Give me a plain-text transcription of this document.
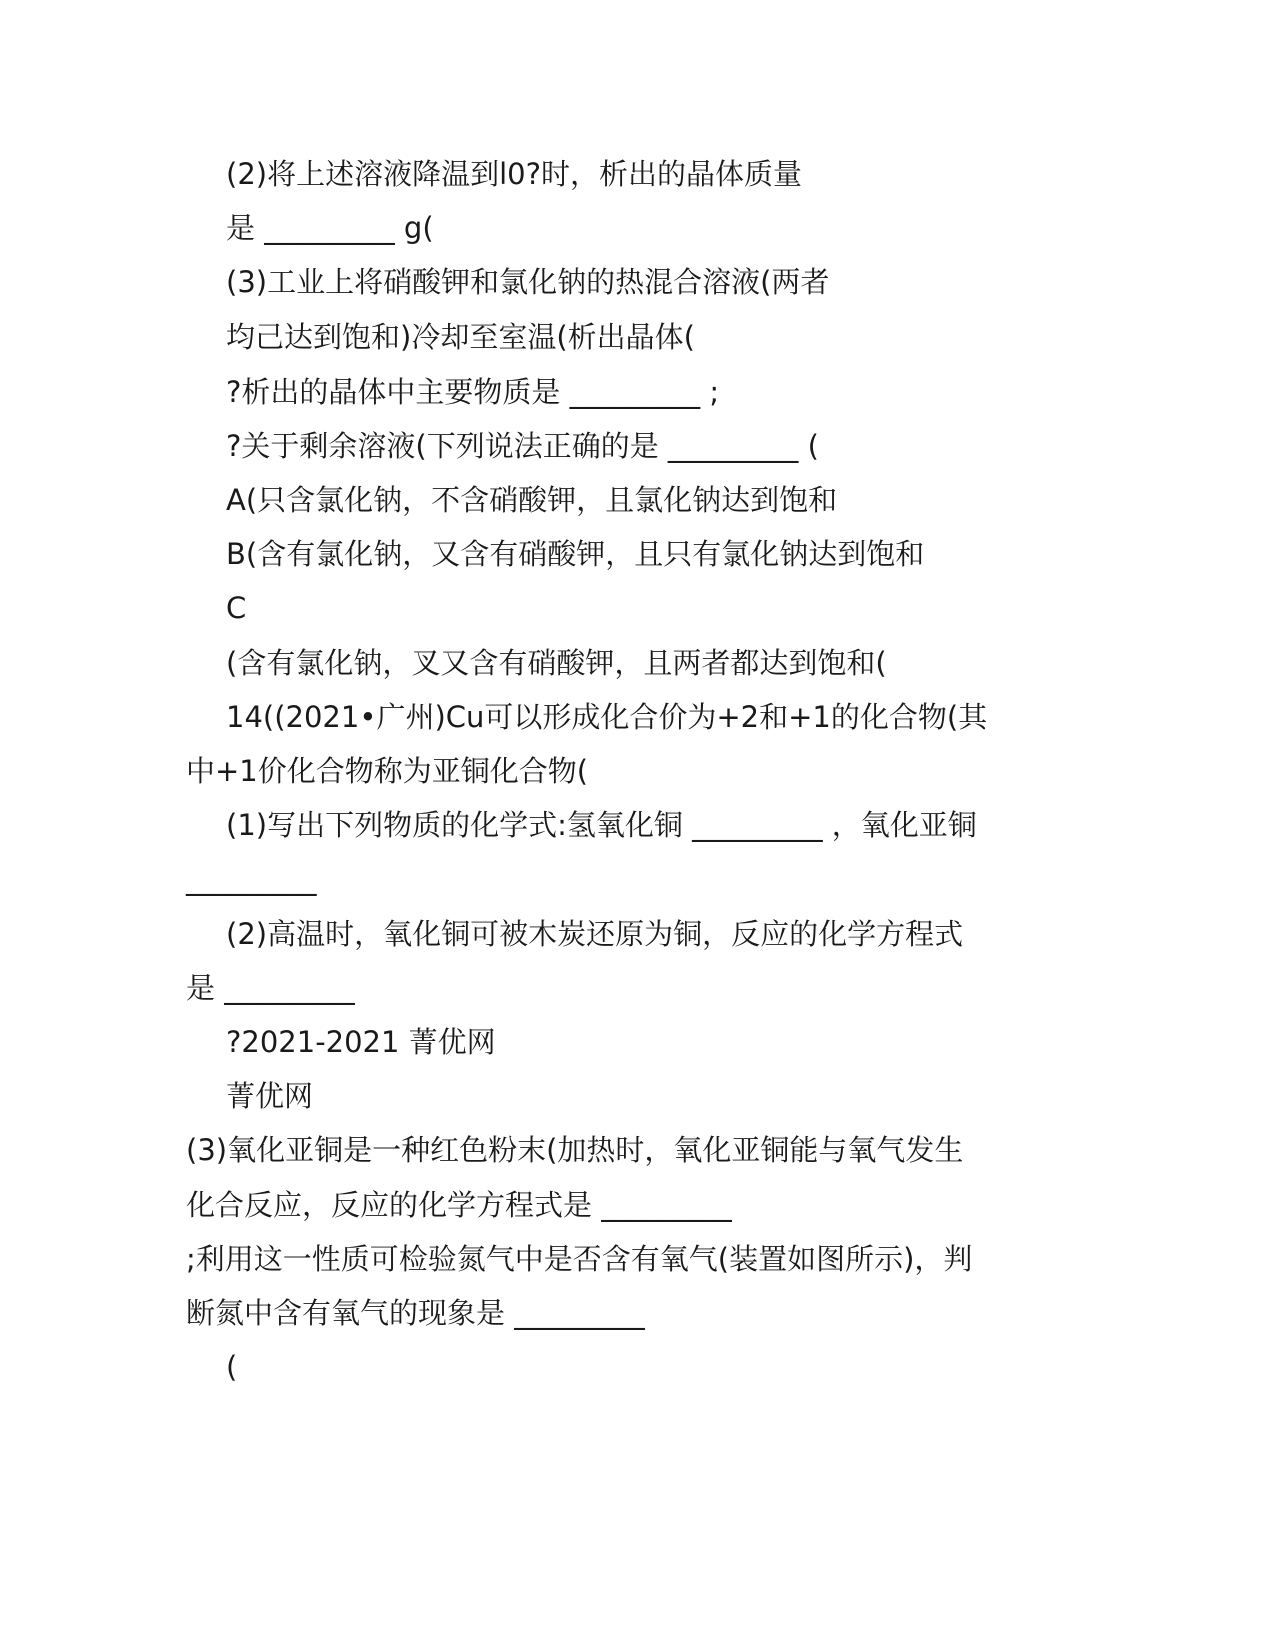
(2)将上述溶液降温到l0?时，析出的晶体质量
是 _________ g(
(3)工业上将硝酸钾和氯化钠的热混合溶液(两者
均己达到饱和)冷却至室温(析出晶体(
?析出的晶体中主要物质是 _________ ;
?关于剩余溶液(下列说法正确的是 _________ (
A(只含氯化钠，不含硝酸钾，且氯化钠达到饱和
B(含有氯化钠，又含有硝酸钾，且只有氯化钠达到饱和
C
(含有氯化钠，叉又含有硝酸钾，且两者都达到饱和(
14((2021•广州)Cu可以形成化合价为+2和+1的化合物(其
中+1价化合物称为亚铜化合物(
(1)写出下列物质的化学式:氢氧化铜 _________ ，氧化亚铜
_________
(2)高温时，氧化铜可被木炭还原为铜，反应的化学方程式
是 _________
?2021-2021 菁优网
菁优网
(3)氧化亚铜是一种红色粉末(加热时，氧化亚铜能与氧气发生
化合反应，反应的化学方程式是 _________
;利用这一性质可检验氮气中是否含有氧气(装置如图所示)，判
断氮中含有氧气的现象是 _________
(
